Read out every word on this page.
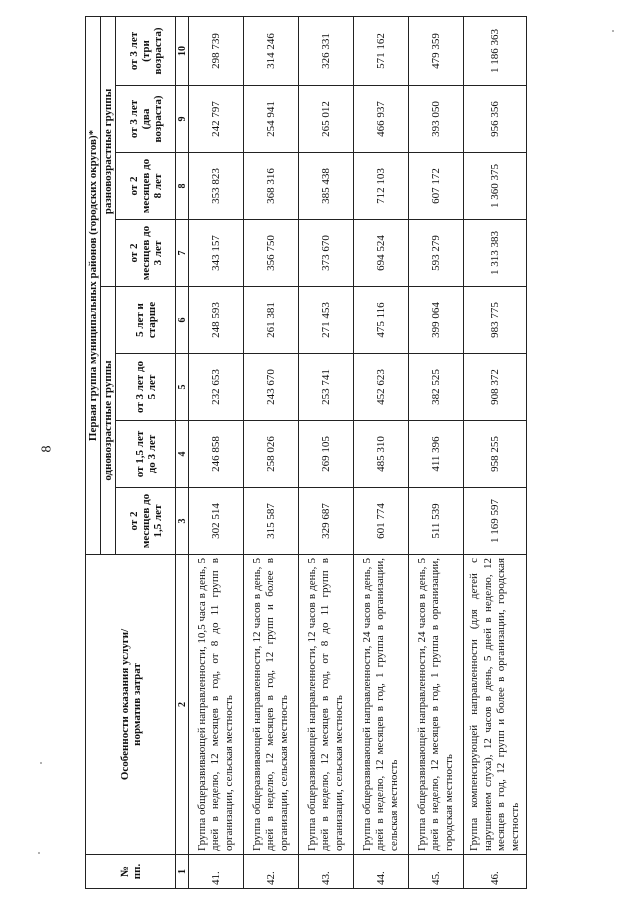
8
№
пп.	Особенности оказания услуги/
норматив затрат	Первая группа муниципальных районов (городских округов)*							
		одновозрастные группы				разновозрастные группы			
		от 2 месяцев до 1,5 лет	от 1,5 лет до 3 лет	от 3 лет до 5 лет	5 лет и старше	от 2 месяцев до 3 лет	от 2 месяцев до 8 лет	от 3 лет (два возраста)	от 3 лет (три возраста)
1	2	3	4	5	6	7	8	9	10
41.	Группа общеразвивающей направленности, 10,5 часа в день, 5 дней в неделю, 12 месяцев в год, от 8 до 11 групп в организации, сельская местность	302 514	246 858	232 653	248 593	343 157	353 823	242 797	298 739
42.	Группа общеразвивающей направленности, 12 часов в день, 5 дней в неделю, 12 месяцев в год, 12 групп и более в организации, сельская местность	315 587	258 026	243 670	261 381	356 750	368 316	254 941	314 246
43.	Группа общеразвивающей направленности, 12 часов в день, 5 дней в неделю, 12 месяцев в год, от 8 до 11 групп в организации, сельская местность	329 687	269 105	253 741	271 453	373 670	385 438	265 012	326 331
44.	Группа общеразвивающей направленности, 24 часов в день, 5 дней в неделю, 12 месяцев в год, 1 группа в организации, сельская местность	601 774	485 310	452 623	475 116	694 524	712 103	466 937	571 162
45.	Группа общеразвивающей направленности, 24 часов в день, 5 дней в неделю, 12 месяцев в год, 1 группа в организации, городская местность	511 539	411 396	382 525	399 064	593 279	607 172	393 050	479 359
46.	Группа компенсирующей направленности (для детей с нарушением слуха), 12 часов в день, 5 дней в неделю, 12 месяцев в год, 12 групп и более в организации, городская местность	1 169 597	958 255	908 372	983 775	1 313 383	1 360 375	956 356	1 186 363
